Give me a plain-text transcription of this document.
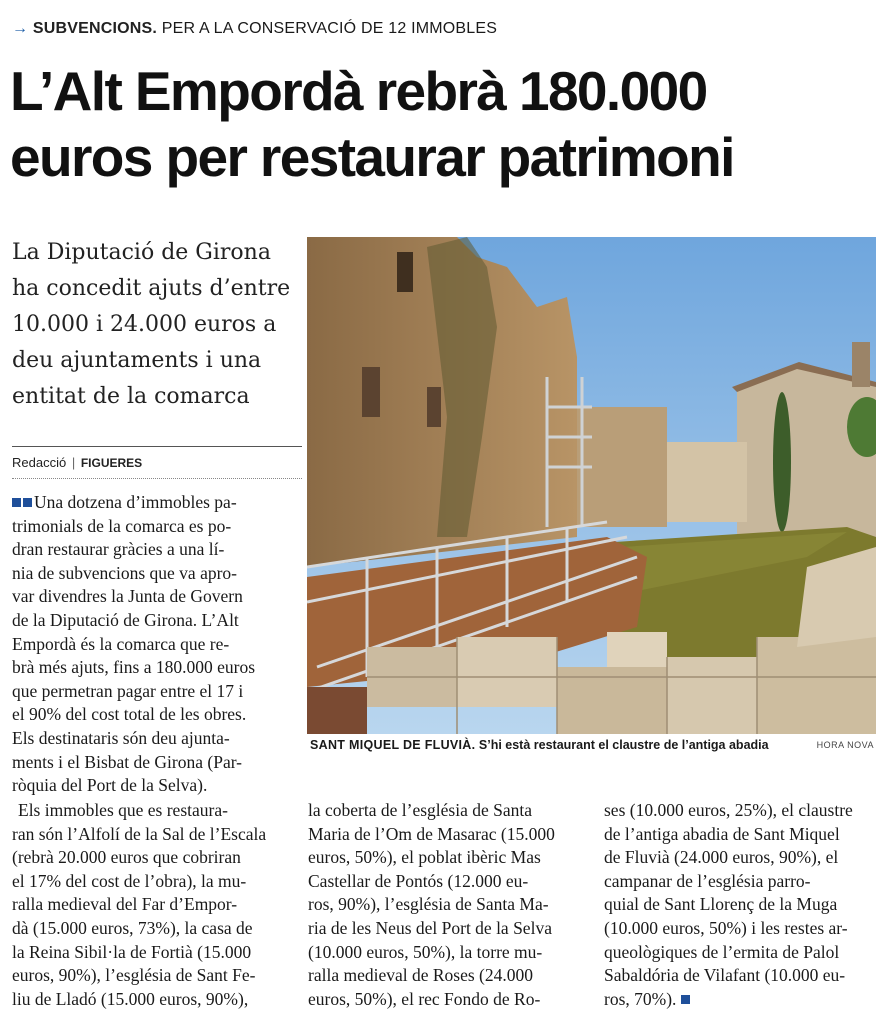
→ SUBVENCIONS. PER A LA CONSERVACIÓ DE 12 IMMOBLES
L’Alt Empordà rebrà 180.000
euros per restaurar patrimoni
La Diputació de Girona
ha concedit ajuts d’entre
10.000 i 24.000 euros a
deu ajuntaments i una
entitat de la comarca
Redacció | FIGUERES
Una dotzena d’immobles pa-
trimonials de la comarca es po-
dran restaurar gràcies a una lí-
nia de subvencions que va apro-
var divendres la Junta de Govern
de la Diputació de Girona. L’Alt
Empordà és la comarca que re-
brà més ajuts, fins a 180.000 euros
que permetran pagar entre el 17 i
el 90% del cost total de les obres.
Els destinataris són deu ajunta-
ments i el Bisbat de Girona (Par-
ròquia del Port de la Selva).
SANT MIQUEL DE FLUVIÀ. S’hi està restaurant el claustre de l’antiga abadia	HORA NOVA
Els immobles que es restaura-
ran són l’Alfolí de la Sal de l’Escala
(rebrà 20.000 euros que cobriran
el 17% del cost de l’obra), la mu-
ralla medieval del Far d’Empor-
dà (15.000 euros, 73%), la casa de
la Reina Sibil·la de Fortià (15.000
euros, 90%), l’església de Sant Fe-
liu de Lladó (15.000 euros, 90%),
la coberta de l’església de Santa
Maria de l’Om de Masarac (15.000
euros, 50%), el poblat ibèric Mas
Castellar de Pontós (12.000 eu-
ros, 90%), l’església de Santa Ma-
ria de les Neus del Port de la Selva
(10.000 euros, 50%), la torre mu-
ralla medieval de Roses (24.000
euros, 50%), el rec Fondo de Ro-
ses (10.000 euros, 25%), el claustre
de l’antiga abadia de Sant Miquel
de Fluvià (24.000 euros, 90%), el
campanar de l’església parro-
quial de Sant Llorenç de la Muga
(10.000 euros, 50%) i les restes ar-
queològiques de l’ermita de Palol
Sabaldória de Vilafant (10.000 eu-
ros, 70%).
